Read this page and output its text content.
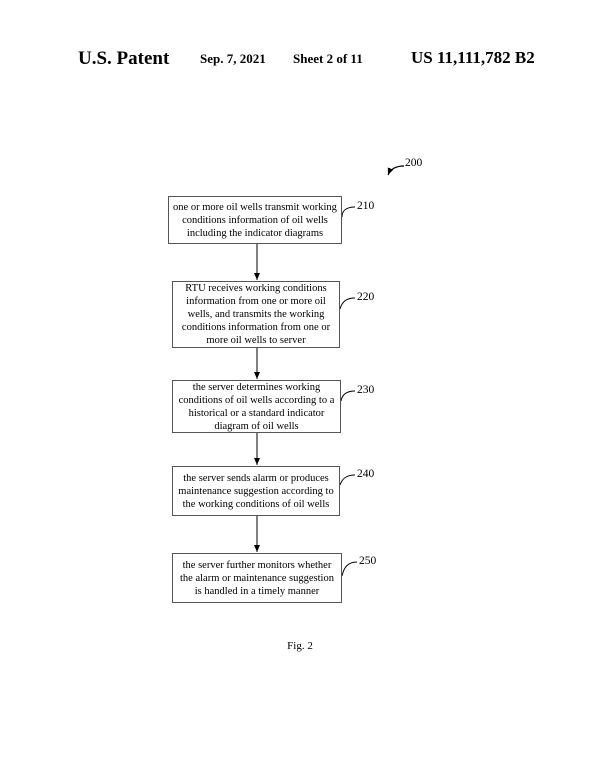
U.S. Patent Sep. 7, 2021 Sheet 2 of 11	US 11,111,782 B2
200
one or more oil wells transmit working conditions information of oil wells including the indicator diagrams
210
RTU receives working conditions information from one or more oil wells, and transmits the working conditions information from one or more oil wells to server
220
the server determines working conditions of oil wells according to a historical or a standard indicator diagram of oil wells
230
the server sends alarm or produces maintenance suggestion according to the working conditions of oil wells
240
the server further monitors whether the alarm or maintenance suggestion is handled in a timely manner
250
Fig. 2
